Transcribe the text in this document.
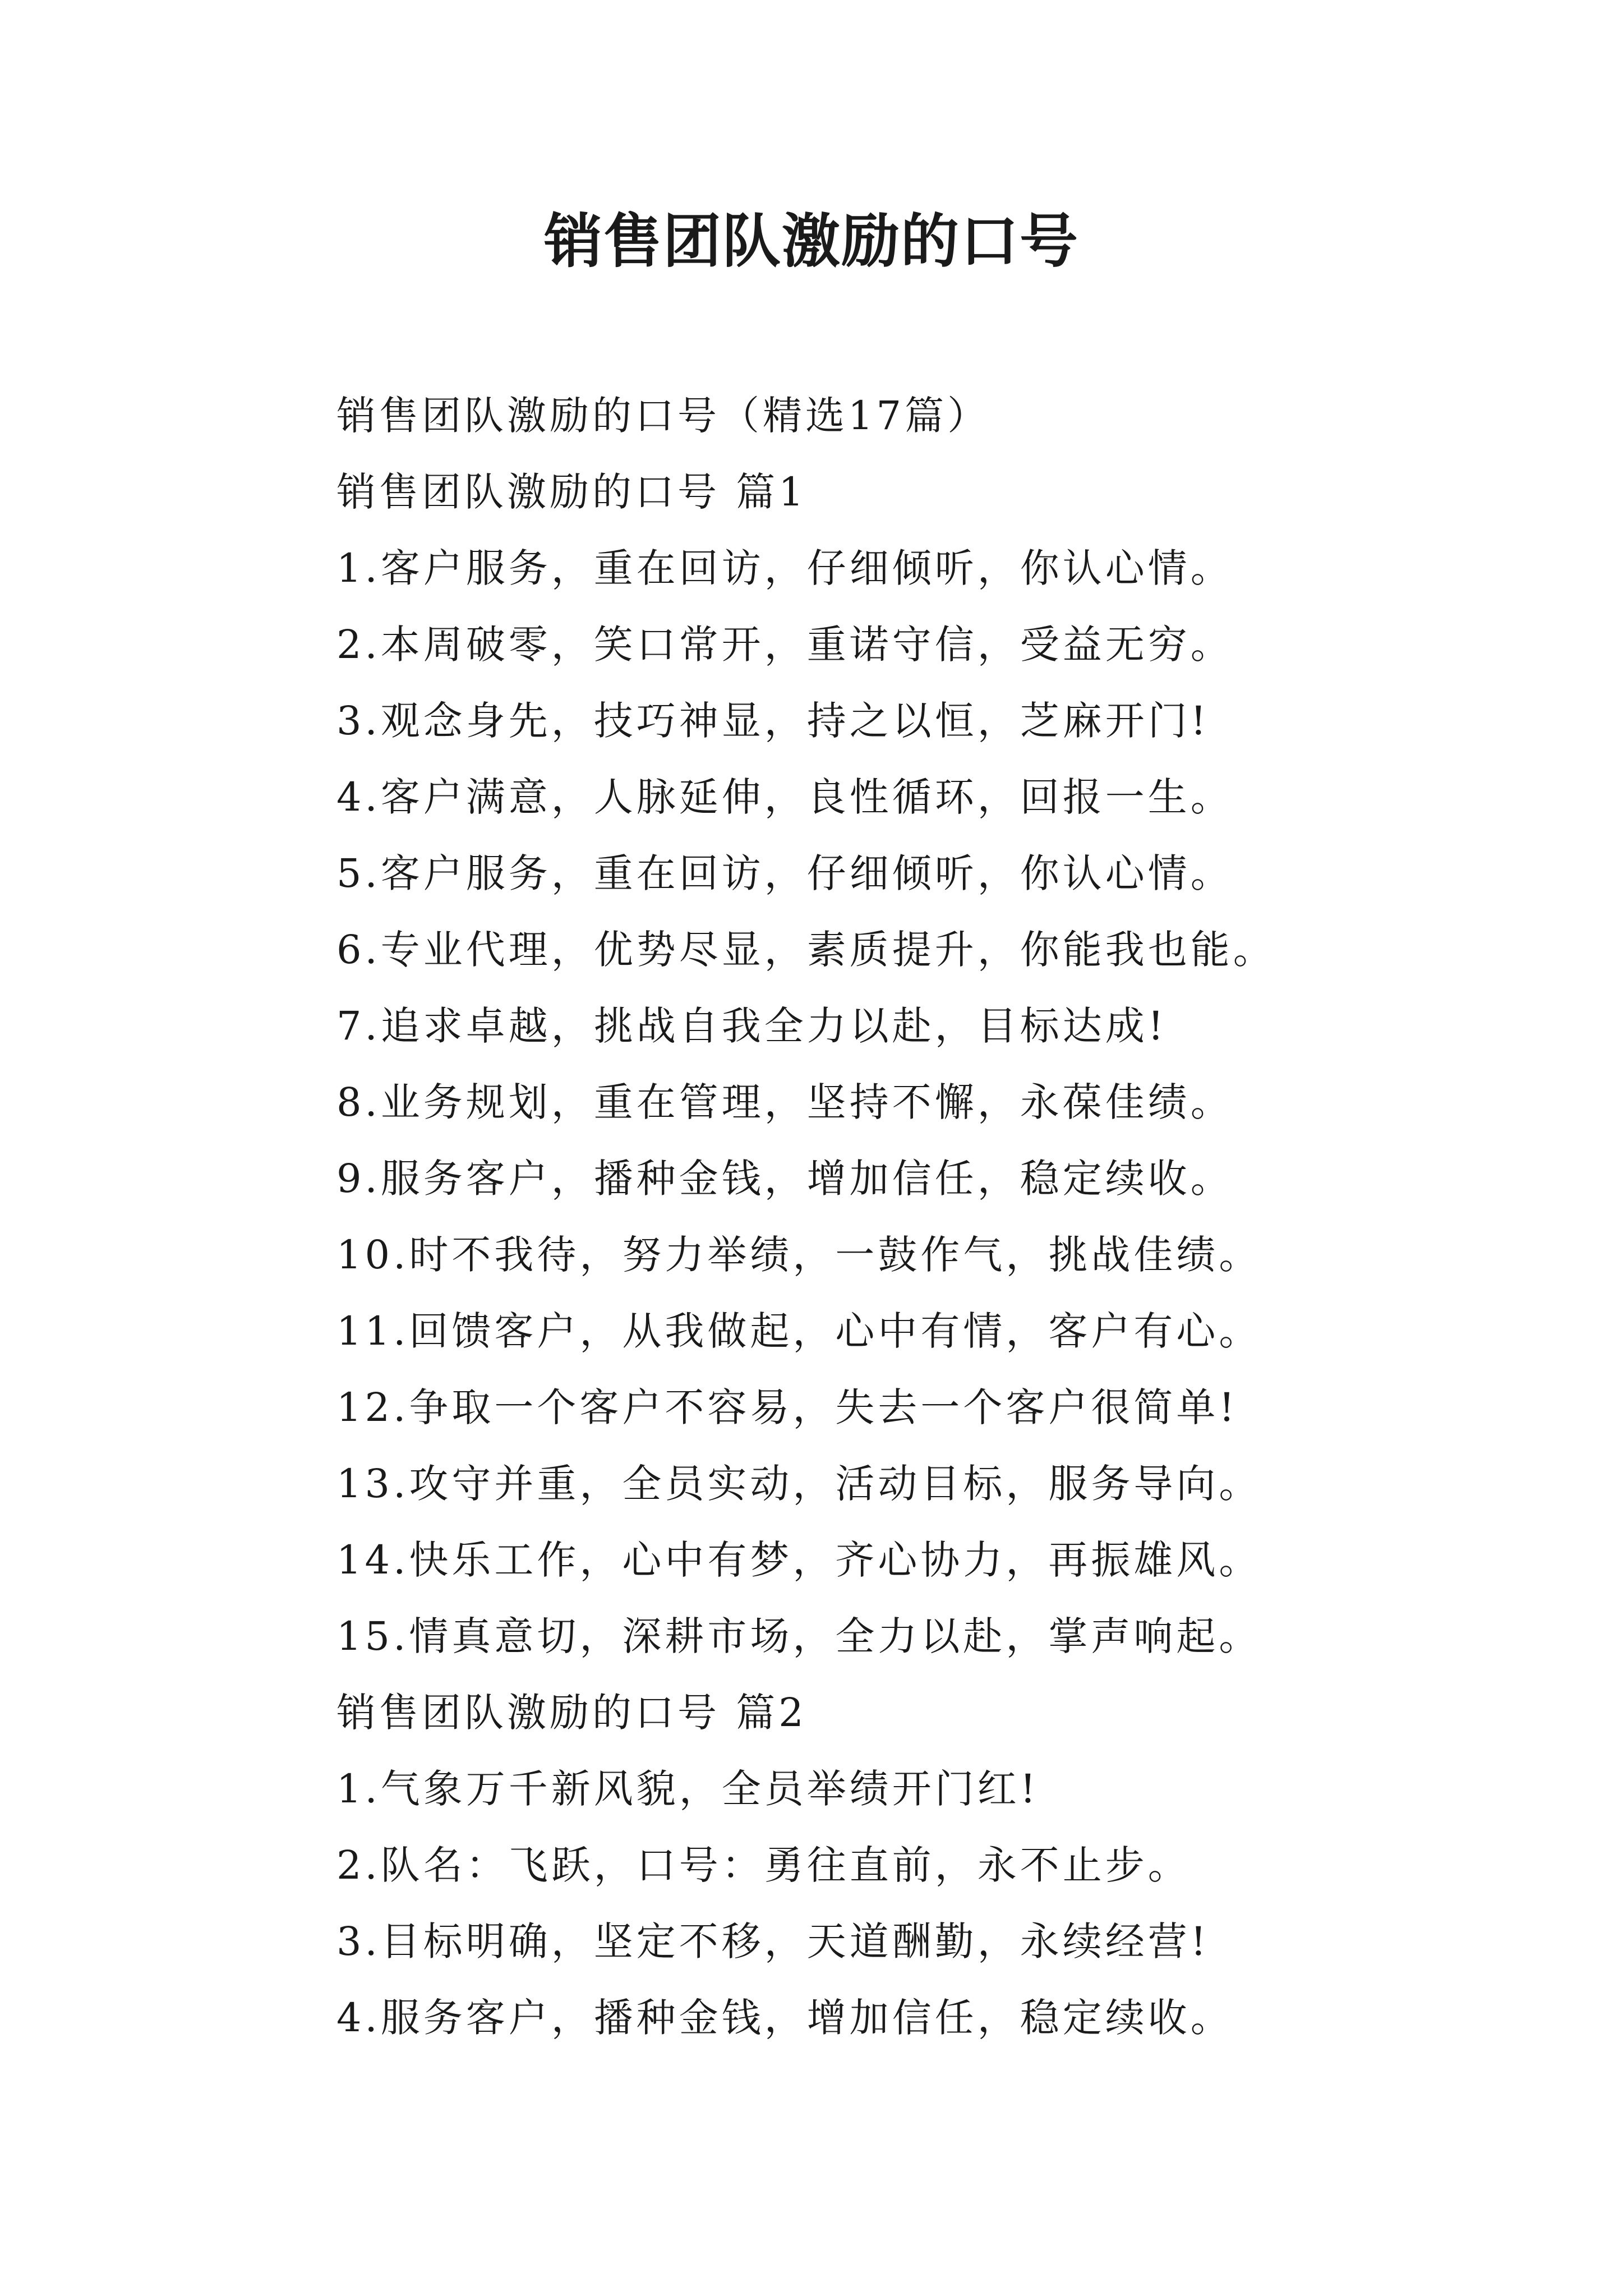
销售团队激励的口号
销售团队激励的口号（精选17篇）
销售团队激励的口号 篇1
1.客户服务，重在回访，仔细倾听，你认心情。
2.本周破零，笑口常开，重诺守信，受益无穷。
3.观念身先，技巧神显，持之以恒，芝麻开门!
4.客户满意，人脉延伸，良性循环，回报一生。
5.客户服务，重在回访，仔细倾听，你认心情。
6.专业代理，优势尽显，素质提升，你能我也能。
7.追求卓越，挑战自我全力以赴，目标达成!
8.业务规划，重在管理，坚持不懈，永葆佳绩。
9.服务客户，播种金钱，增加信任，稳定续收。
10.时不我待，努力举绩，一鼓作气，挑战佳绩。
11.回馈客户，从我做起，心中有情，客户有心。
12.争取一个客户不容易，失去一个客户很简单!
13.攻守并重，全员实动，活动目标，服务导向。
14.快乐工作，心中有梦，齐心协力，再振雄风。
15.情真意切，深耕市场，全力以赴，掌声响起。
销售团队激励的口号 篇2
1.气象万千新风貌，全员举绩开门红!
2.队名：飞跃，口号：勇往直前，永不止步。
3.目标明确，坚定不移，天道酬勤，永续经营!
4.服务客户，播种金钱，增加信任，稳定续收。
